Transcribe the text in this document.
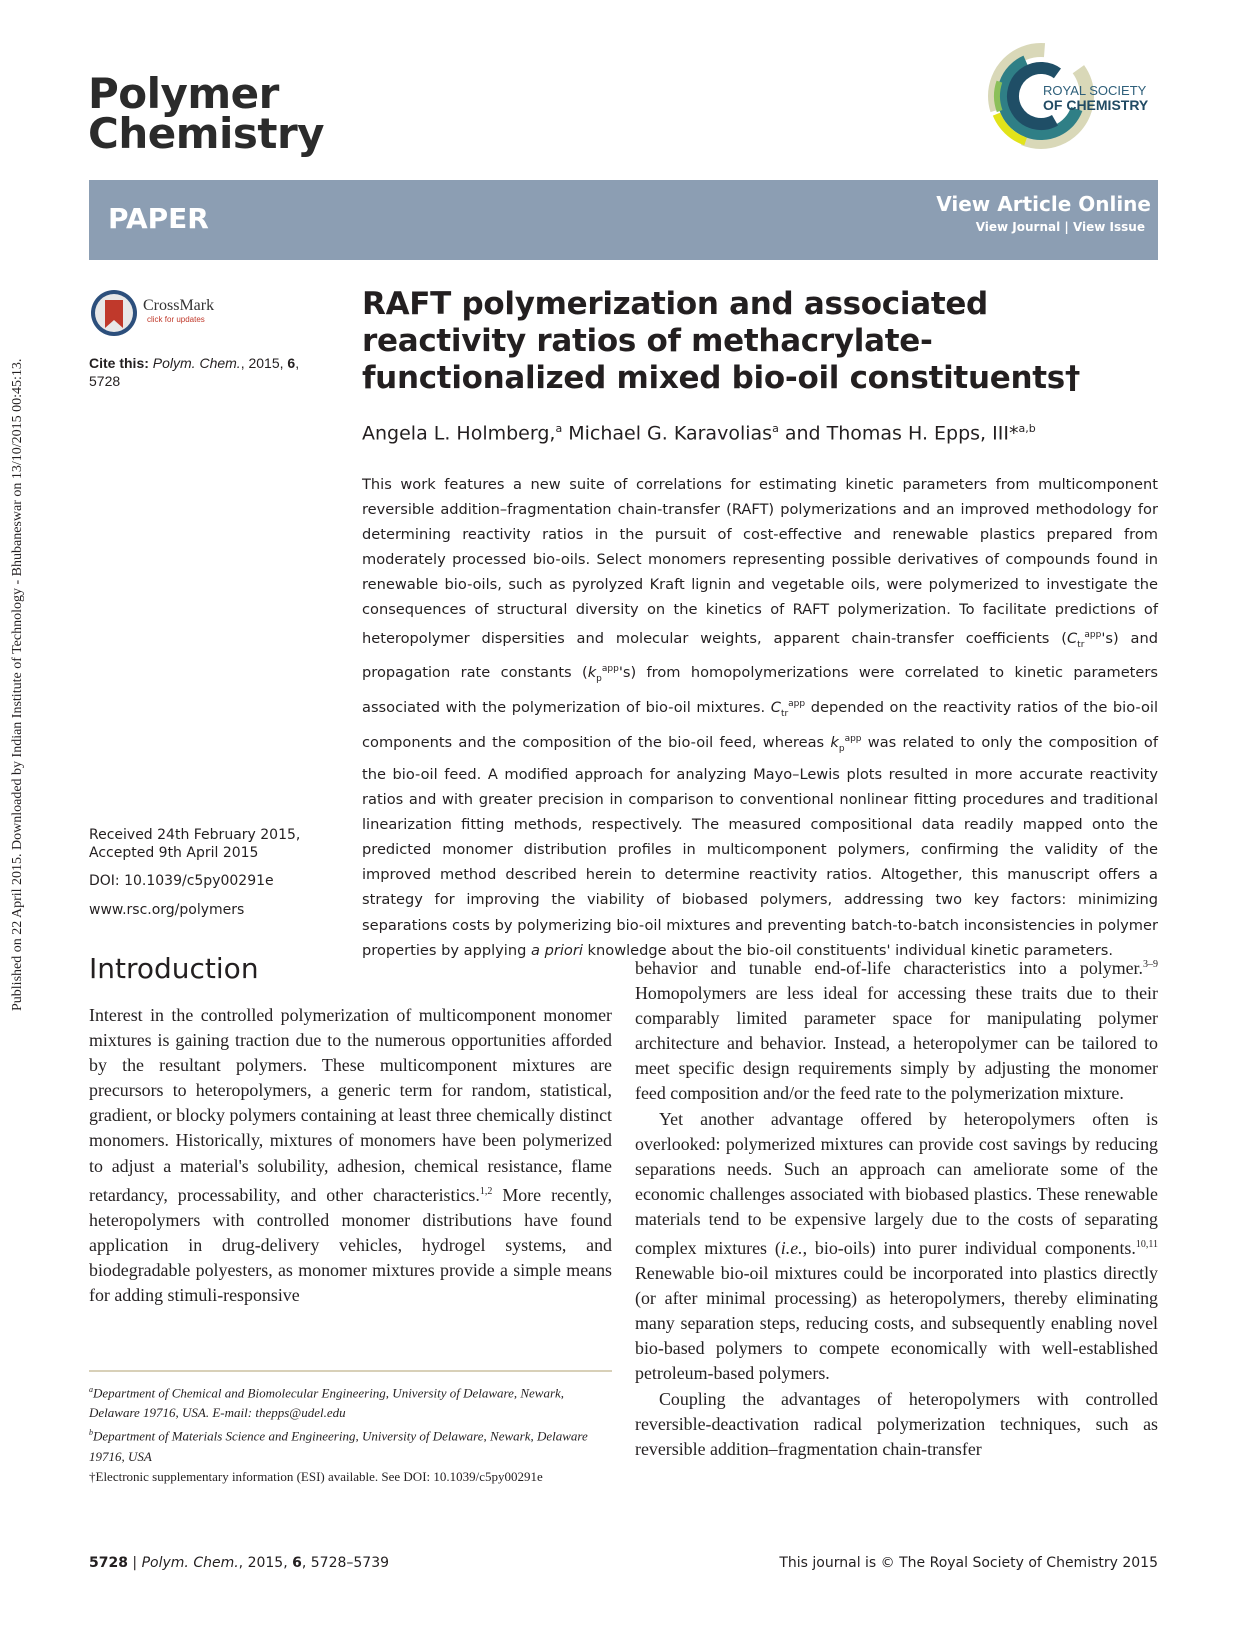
Published on 22 April 2015. Downloaded by Indian Institute of Technology - Bhubaneswar on 13/10/2015 00:45:13.
Polymer
Chemistry
ROYAL SOCIETY
OF CHEMISTRY
PAPER	View Article Online
View Journal | View Issue
CrossMark
click for updates
Cite this: Polym. Chem., 2015, 6, 5728
RAFT polymerization and associated reactivity ratios of methacrylate-functionalized mixed bio-oil constituents†
Angela L. Holmberg,$^a$ Michael G. Karavolias$^a$ and Thomas H. Epps, III*$^{a,b}$
This work features a new suite of correlations for estimating kinetic parameters from multicomponent reversible addition–fragmentation chain-transfer (RAFT) polymerizations and an improved methodology for determining reactivity ratios in the pursuit of cost-effective and renewable plastics prepared from moderately processed bio-oils. Select monomers representing possible derivatives of compounds found in renewable bio-oils, such as pyrolyzed Kraft lignin and vegetable oils, were polymerized to investigate the consequences of structural diversity on the kinetics of RAFT polymerization. To facilitate predictions of heteropolymer dispersities and molecular weights, apparent chain-transfer coefficients $(C_{tr}^{app}'s)$ and propagation rate constants $(k_p^{app}'s)$ from homopolymerizations were correlated to kinetic parameters associated with the polymerization of bio-oil mixtures. $C_{tr}^{app}$ depended on the reactivity ratios of the bio-oil components and the composition of the bio-oil feed, whereas $k_p^{app}$ was related to only the composition of the bio-oil feed. A modified approach for analyzing Mayo–Lewis plots resulted in more accurate reactivity ratios and with greater precision in comparison to conventional nonlinear fitting procedures and traditional linearization fitting methods, respectively. The measured compositional data readily mapped onto the predicted monomer distribution profiles in multicomponent polymers, confirming the validity of the improved method described herein to determine reactivity ratios. Altogether, this manuscript offers a strategy for improving the viability of biobased polymers, addressing two key factors: minimizing separations costs by polymerizing bio-oil mixtures and preventing batch-to-batch inconsistencies in polymer properties by applying a priori knowledge about the bio-oil constituents' individual kinetic parameters.
Received 24th February 2015,
Accepted 9th April 2015
DOI: 10.1039/c5py00291e
www.rsc.org/polymers
Introduction

Interest in the controlled polymerization of multicomponent monomer mixtures is gaining traction due to the numerous opportunities afforded by the resultant polymers. These multicomponent mixtures are precursors to heteropolymers, a generic term for random, statistical, gradient, or blocky polymers containing at least three chemically distinct monomers. Historically, mixtures of monomers have been polymerized to adjust a material's solubility, adhesion, chemical resistance, flame retardancy, processability, and other characteristics.$^{1,2}$ More recently, heteropolymers with controlled monomer distributions have found application in drug-delivery vehicles, hydrogel systems, and biodegradable polyesters, as monomer mixtures provide a simple means for adding stimuli-responsive

behavior and tunable end-of-life characteristics into a polymer.$^{3-9}$ Homopolymers are less ideal for accessing these traits due to their comparably limited parameter space for manipulating polymer architecture and behavior. Instead, a heteropolymer can be tailored to meet specific design requirements simply by adjusting the monomer feed composition and/or the feed rate to the polymerization mixture.

Yet another advantage offered by heteropolymers often is overlooked: polymerized mixtures can provide cost savings by reducing separations needs. Such an approach can ameliorate some of the economic challenges associated with biobased plastics. These renewable materials tend to be expensive largely due to the costs of separating complex mixtures (i.e., bio-oils) into purer individual components.$^{10,11}$ Renewable bio-oil mixtures could be incorporated into plastics directly (or after minimal processing) as heteropolymers, thereby eliminating many separation steps, reducing costs, and subsequently enabling novel bio-based polymers to compete economically with well-established petroleum-based polymers.

Coupling the advantages of heteropolymers with controlled reversible-deactivation radical polymerization techniques, such as reversible addition–fragmentation chain-transfer

$^a$Department of Chemical and Biomolecular Engineering, University of Delaware, Newark, Delaware 19716, USA. E-mail: thepps@udel.edu

$^b$Department of Materials Science and Engineering, University of Delaware, Newark, Delaware 19716, USA

†Electronic supplementary information (ESI) available. See DOI: 10.1039/c5py00291e

5728 | Polym. Chem., 2015, 6, 5728–5739	This journal is © The Royal Society of Chemistry 2015
